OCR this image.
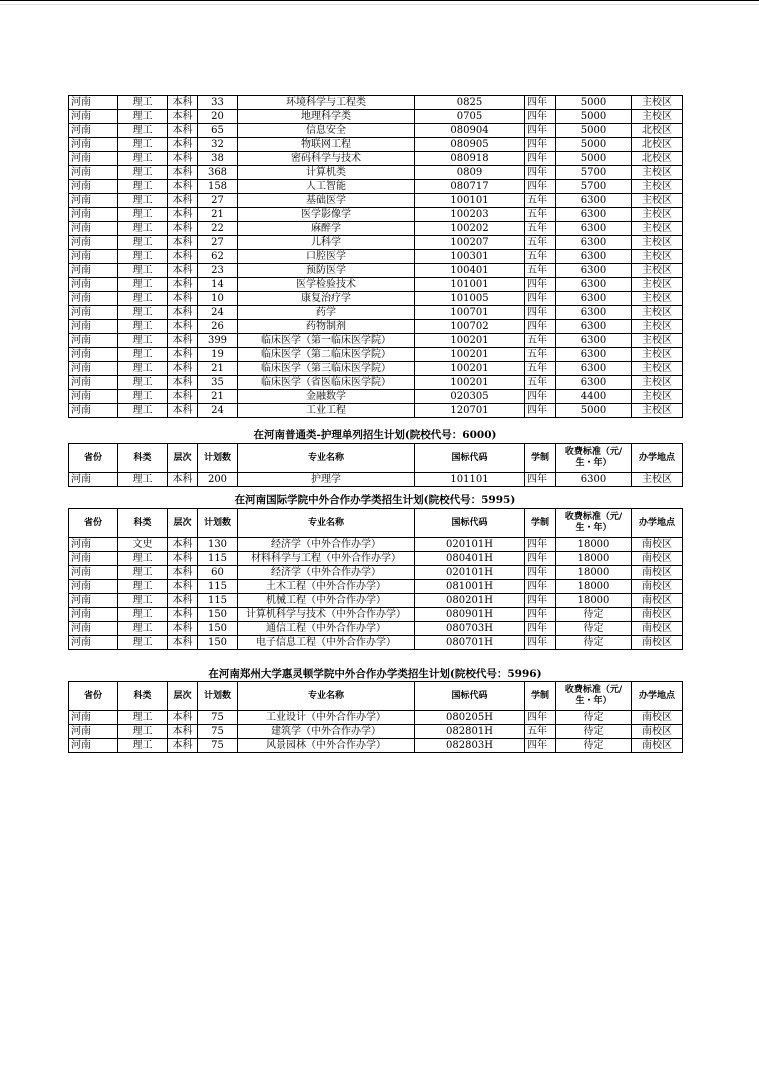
河南	理工	本科	33	环境科学与工程类	0825	四年	5000	主校区
河南	理工	本科	20	地理科学类	0705	四年	5000	主校区
河南	理工	本科	65	信息安全	080904	四年	5000	北校区
河南	理工	本科	32	物联网工程	080905	四年	5000	北校区
河南	理工	本科	38	密码科学与技术	080918	四年	5000	北校区
河南	理工	本科	368	计算机类	0809	四年	5700	主校区
河南	理工	本科	158	人工智能	080717	四年	5700	主校区
河南	理工	本科	27	基础医学	100101	五年	6300	主校区
河南	理工	本科	21	医学影像学	100203	五年	6300	主校区
河南	理工	本科	22	麻醉学	100202	五年	6300	主校区
河南	理工	本科	27	儿科学	100207	五年	6300	主校区
河南	理工	本科	62	口腔医学	100301	五年	6300	主校区
河南	理工	本科	23	预防医学	100401	五年	6300	主校区
河南	理工	本科	14	医学检验技术	101001	四年	6300	主校区
河南	理工	本科	10	康复治疗学	101005	四年	6300	主校区
河南	理工	本科	24	药学	100701	四年	6300	主校区
河南	理工	本科	26	药物制剂	100702	四年	6300	主校区
河南	理工	本科	399	临床医学（第一临床医学院）	100201	五年	6300	主校区
河南	理工	本科	19	临床医学（第二临床医学院）	100201	五年	6300	主校区
河南	理工	本科	21	临床医学（第三临床医学院）	100201	五年	6300	主校区
河南	理工	本科	35	临床医学（省医临床医学院）	100201	五年	6300	主校区
河南	理工	本科	21	金融数学	020305	四年	4400	主校区
河南	理工	本科	24	工业工程	120701	四年	5000	主校区
在河南普通类-护理单列招生计划(院校代号：6000)
省份	科类	层次	计划数	专业名称	国标代码	学制	收费标准（元/生・年）	办学地点
河南	理工	本科	200	护理学	101101	四年	6300	主校区
在河南国际学院中外合作办学类招生计划(院校代号：5995)
省份	科类	层次	计划数	专业名称	国标代码	学制	收费标准（元/生・年）	办学地点
河南	文史	本科	130	经济学（中外合作办学）	020101H	四年	18000	南校区
河南	理工	本科	115	材料科学与工程（中外合作办学）	080401H	四年	18000	南校区
河南	理工	本科	60	经济学（中外合作办学）	020101H	四年	18000	南校区
河南	理工	本科	115	土木工程（中外合作办学）	081001H	四年	18000	南校区
河南	理工	本科	115	机械工程（中外合作办学）	080201H	四年	18000	南校区
河南	理工	本科	150	计算机科学与技术（中外合作办学）	080901H	四年	待定	南校区
河南	理工	本科	150	通信工程（中外合作办学）	080703H	四年	待定	南校区
河南	理工	本科	150	电子信息工程（中外合作办学）	080701H	四年	待定	南校区
在河南郑州大学惠灵顿学院中外合作办学类招生计划(院校代号：5996)
省份	科类	层次	计划数	专业名称	国标代码	学制	收费标准（元/生・年）	办学地点
河南	理工	本科	75	工业设计（中外合作办学）	080205H	四年	待定	南校区
河南	理工	本科	75	建筑学（中外合作办学）	082801H	五年	待定	南校区
河南	理工	本科	75	风景园林（中外合作办学）	082803H	四年	待定	南校区
